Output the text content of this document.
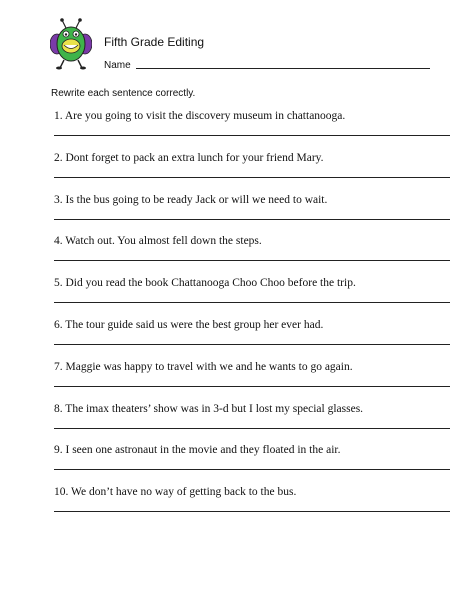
Fifth Grade Editing
Name
Rewrite each sentence correctly.
1. Are you going to visit the discovery museum in chattanooga.
2. Dont forget to pack an extra lunch for your friend Mary.
3. Is the bus going to be ready Jack or will we need to wait.
4. Watch out. You almost fell down the steps.
5. Did you read the book Chattanooga Choo Choo before the trip.
6. The tour guide said us were the best group her ever had.
7. Maggie was happy to travel with we and he wants to go again.
8. The imax theaters’ show was in 3-d but I lost my special glasses.
9. I seen one astronaut in the movie and they floated in the air.
10. We don’t have no way of getting back to the bus.
